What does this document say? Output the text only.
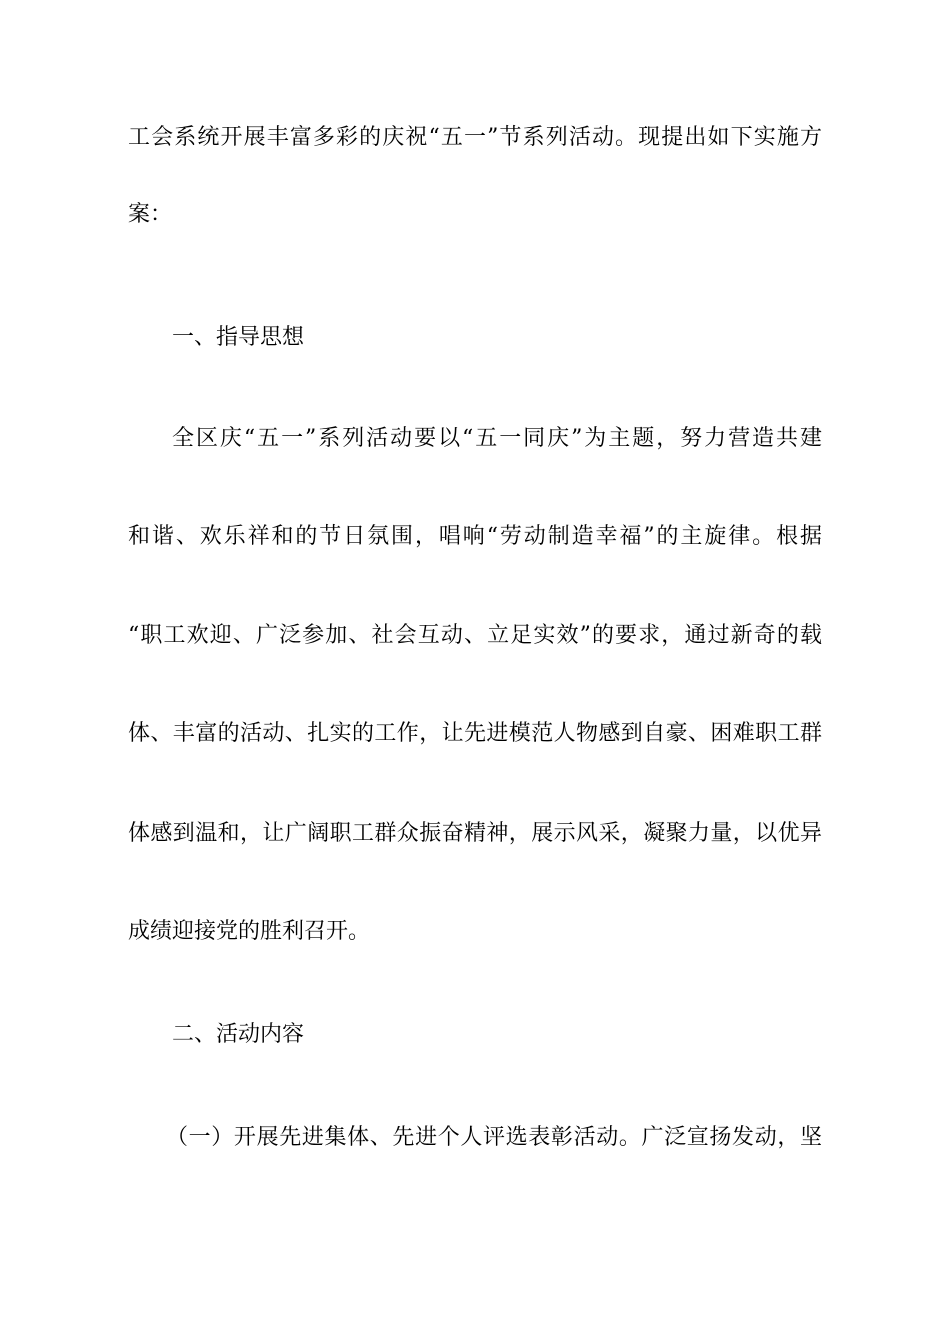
工会系统开展丰富多彩的庆祝“五一”节系列活动。现提出如下实施方
案：
一、指导思想
全区庆“五一”系列活动要以“五一同庆”为主题，努力营造共建
和谐、欢乐祥和的节日氛围，唱响“劳动制造幸福”的主旋律。根据
“职工欢迎、广泛参加、社会互动、立足实效”的要求，通过新奇的载
体、丰富的活动、扎实的工作，让先进模范人物感到自豪、困难职工群
体感到温和，让广阔职工群众振奋精神，展示风采，凝聚力量，以优异
成绩迎接党的胜利召开。
二、活动内容
（一）开展先进集体、先进个人评选表彰活动。广泛宣扬发动，坚
